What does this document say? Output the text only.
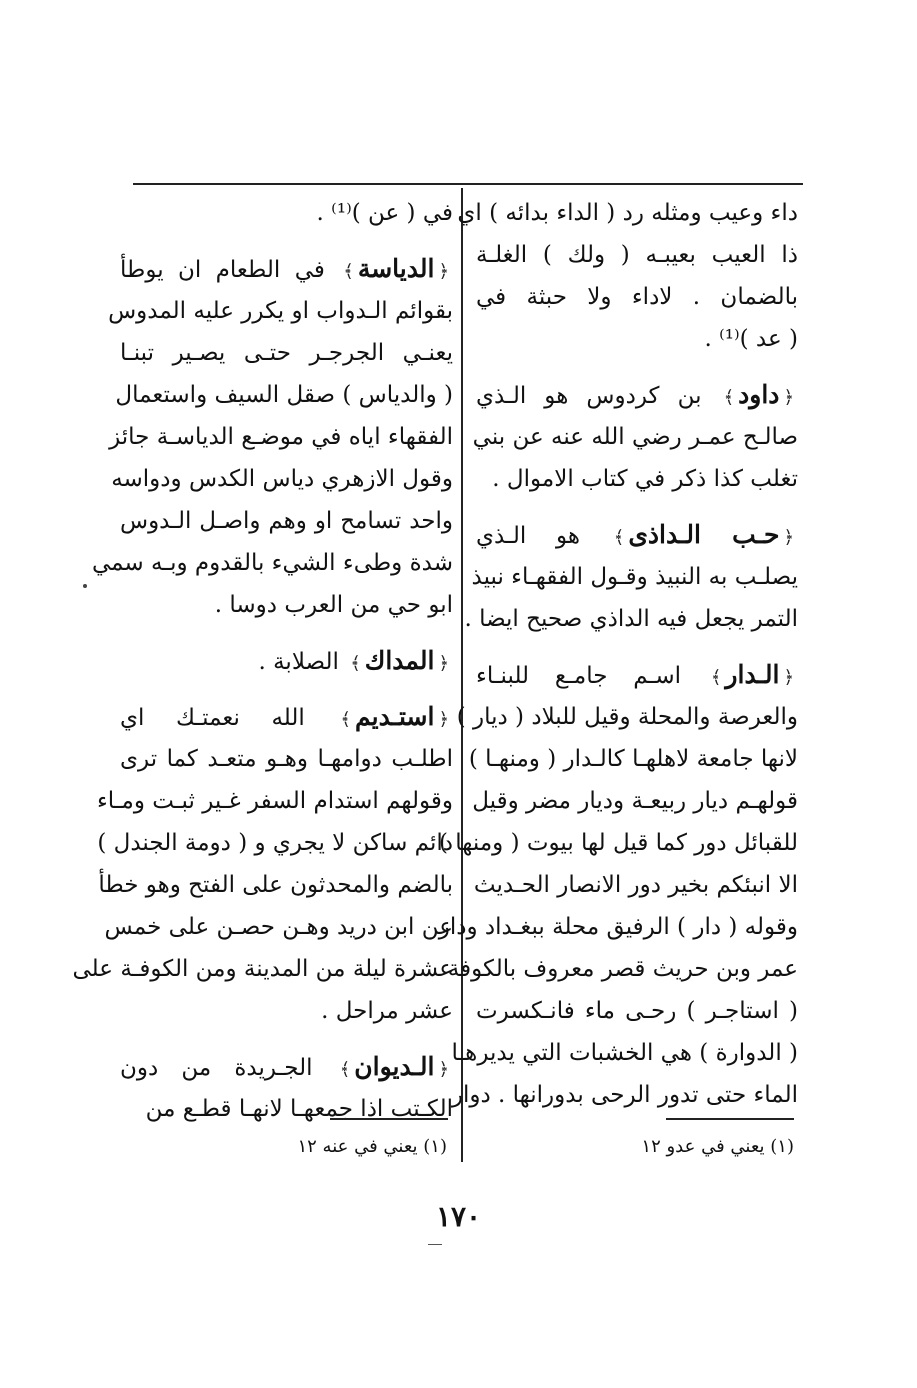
داء وعيب ومثله رد ( الداء بدائه ) اي
ذا العيب بعيبـه ( ولك ) الغلـة
بالضمان . لاداء ولا حبثة في
( عد )⁽¹⁾ .
﴿داود﴾ بن كردوس هو الـذي
صالـح عمـر رضي الله عنه عن بني
تغلب كذا ذكر في كتاب الاموال .
﴿حـب الـداذى﴾ هو الـذي
يصلـب به النبيذ وقـول الفقهـاء نبيذ
التمر يجعل فيه الداذي صحيح ايضا .
﴿الـدار﴾ اسـم جامـع للبنـاء
والعرصة والمحلة وقيل للبلاد ( ديار )
لانها جامعة لاهلهـا كالـدار ( ومنهـا )
قولهـم ديار ربيعـة وديار مضر وقيل
للقبائل دور كما قيل لها بيوت ( ومنها )
الا انبئكم بخير دور الانصار الحـديث
وقوله ( دار ) الرفيق محلة ببغـداد ودار
عمر وبن حريث قصر معروف بالكوفة
( استاجـر ) رحـى ماء فانـكسرت
( الدوارة ) هي الخشبات التي يديرهـا
الماء حتى تدور الرحى بدورانها . دوار
في ( عن )⁽¹⁾ .
﴿الدياسة﴾ في الطعام ان يوطأ
بقوائم الـدواب او يكرر عليه المدوس
يعنـي الجرجـر حتـى يصـير تبنـا
( والدياس ) صقل السيف واستعمال
الفقهاء اياه في موضـع الدياسـة جائز
وقول الازهري دياس الكدس ودواسه
واحد تسامح او وهم واصـل الـدوس
شدة وطىء الشيء بالقدوم وبـه سمي
ابو حي من العرب دوسا .
﴿المداك﴾ الصلابة .
﴿استـديم﴾ الله نعمتـك اي
اطلـب دوامهـا وهـو متعـد كما ترى
وقولهم استدام السفر غـير ثبـت ومـاء
دائم ساكن لا يجري و ( دومة الجندل )
بالضم والمحدثون على الفتح وهو خطأ
عن ابن دريد وهـن حصـن على خمس
عشرة ليلة من المدينة ومن الكوفـة على
عشر مراحل .
﴿الـديوان﴾ الجـريدة من دون
الكـتب اذا جمعهـا لانهـا قطـع من
(١) يعني في عدو ١٢
(١) يعني في عنه ١٢
١٧٠
